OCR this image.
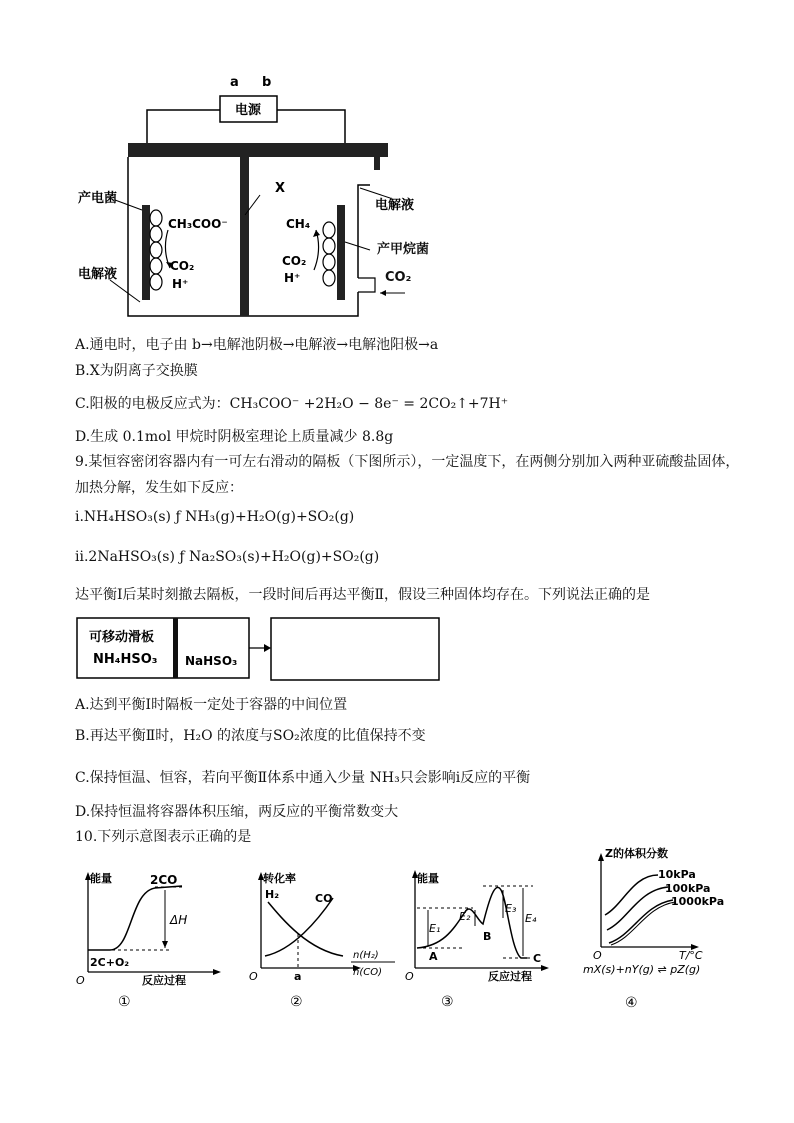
电源
a b
产电菌
电解液
CH₃COO⁻
CO₂
H⁺
X
CH₄
CO₂
H⁺
电解液
产甲烷菌
CO₂
A.通电时，电子由 b→电解池阴极→电解液→电解池阳极→a
B.X为阴离子交换膜
C.阳极的电极反应式为：CH₃COO⁻ +2H₂O − 8e⁻ = 2CO₂↑+7H⁺
D.生成 0.1mol 甲烷时阴极室理论上质量减少 8.8g
9.某恒容密闭容器内有一可左右滑动的隔板（下图所示），一定温度下，在两侧分别加入两种亚硫酸盐固体，
加热分解，发生如下反应：
ⅰ.NH₄HSO₃(s) ƒ NH₃(g)+H₂O(g)+SO₂(g)
ⅱ.2NaHSO₃(s) ƒ Na₂SO₃(s)+H₂O(g)+SO₂(g)
达平衡Ⅰ后某时刻撤去隔板，一段时间后再达平衡Ⅱ，假设三种固体均存在。下列说法正确的是
可移动滑板
NH₄HSO₃ NaHSO₃
A.达到平衡Ⅰ时隔板一定处于容器的中间位置
B.再达平衡Ⅱ时，H₂O 的浓度与SO₂浓度的比值保持不变
C.保持恒温、恒容，若向平衡Ⅱ体系中通入少量 NH₃只会影响ⅰ反应的平衡
D.保持恒温将容器体积压缩，两反应的平衡常数变大
10.下列示意图表示正确的是
能量	2CO
ΔH
2C+O₂
O	反应过程
①
转化率
H₂	CO
O	a
n(H₂)
n(CO)
②
能量
E₁
E₂
E₃
E₄
A
B
C
O	反应过程
③
Z的体积分数
10kPa
100kPa
1000kPa
O	T/°C
mX(s)+nY(g) ⇌ pZ(g)
④
